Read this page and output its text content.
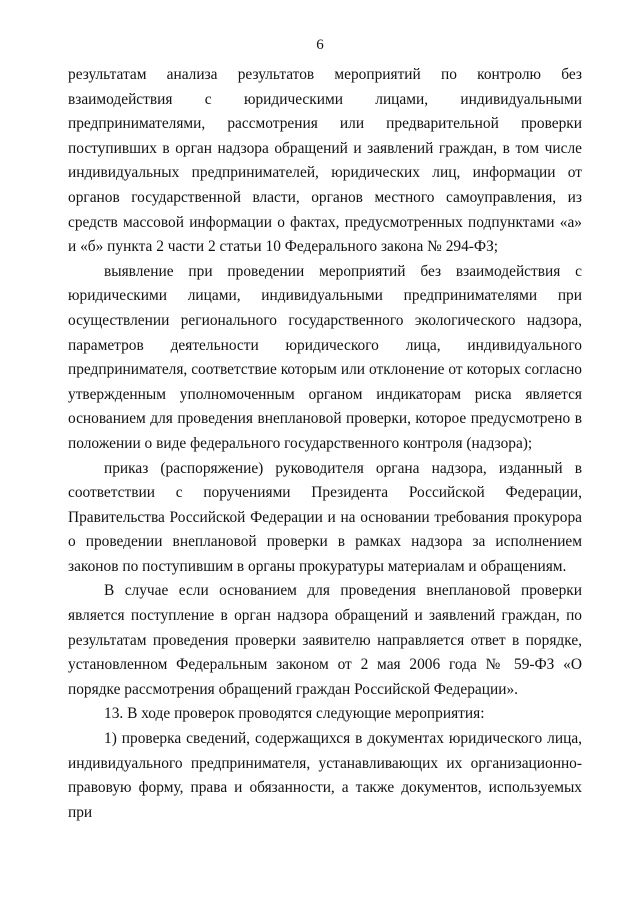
6

результатам анализа результатов мероприятий по контролю без взаимодействия с юридическими лицами, индивидуальными предпринимателями, рассмотрения или предварительной проверки поступивших в орган надзора обращений и заявлений граждан, в том числе индивидуальных предпринимателей, юридических лиц, информации от органов государственной власти, органов местного самоуправления, из средств массовой информации о фактах, предусмотренных подпунктами «а» и «б» пункта 2 части 2 статьи 10 Федерального закона № 294-ФЗ;

выявление при проведении мероприятий без взаимодействия с юридическими лицами, индивидуальными предпринимателями при осуществлении регионального государственного экологического надзора, параметров деятельности юридического лица, индивидуального предпринимателя, соответствие которым или отклонение от которых согласно утвержденным уполномоченным органом индикаторам риска является основанием для проведения внеплановой проверки, которое предусмотрено в положении о виде федерального государственного контроля (надзора);

приказ (распоряжение) руководителя органа надзора, изданный в соответствии с поручениями Президента Российской Федерации, Правительства Российской Федерации и на основании требования прокурора о проведении внеплановой проверки в рамках надзора за исполнением законов по поступившим в органы прокуратуры материалам и обращениям.

В случае если основанием для проведения внеплановой проверки является поступление в орган надзора обращений и заявлений граждан, по результатам проведения проверки заявителю направляется ответ в порядке, установленном Федеральным законом от 2 мая 2006 года № 59-ФЗ «О порядке рассмотрения обращений граждан Российской Федерации».

13. В ходе проверок проводятся следующие мероприятия:

1) проверка сведений, содержащихся в документах юридического лица, индивидуального предпринимателя, устанавливающих их организационно-правовую форму, права и обязанности, а также документов, используемых при
